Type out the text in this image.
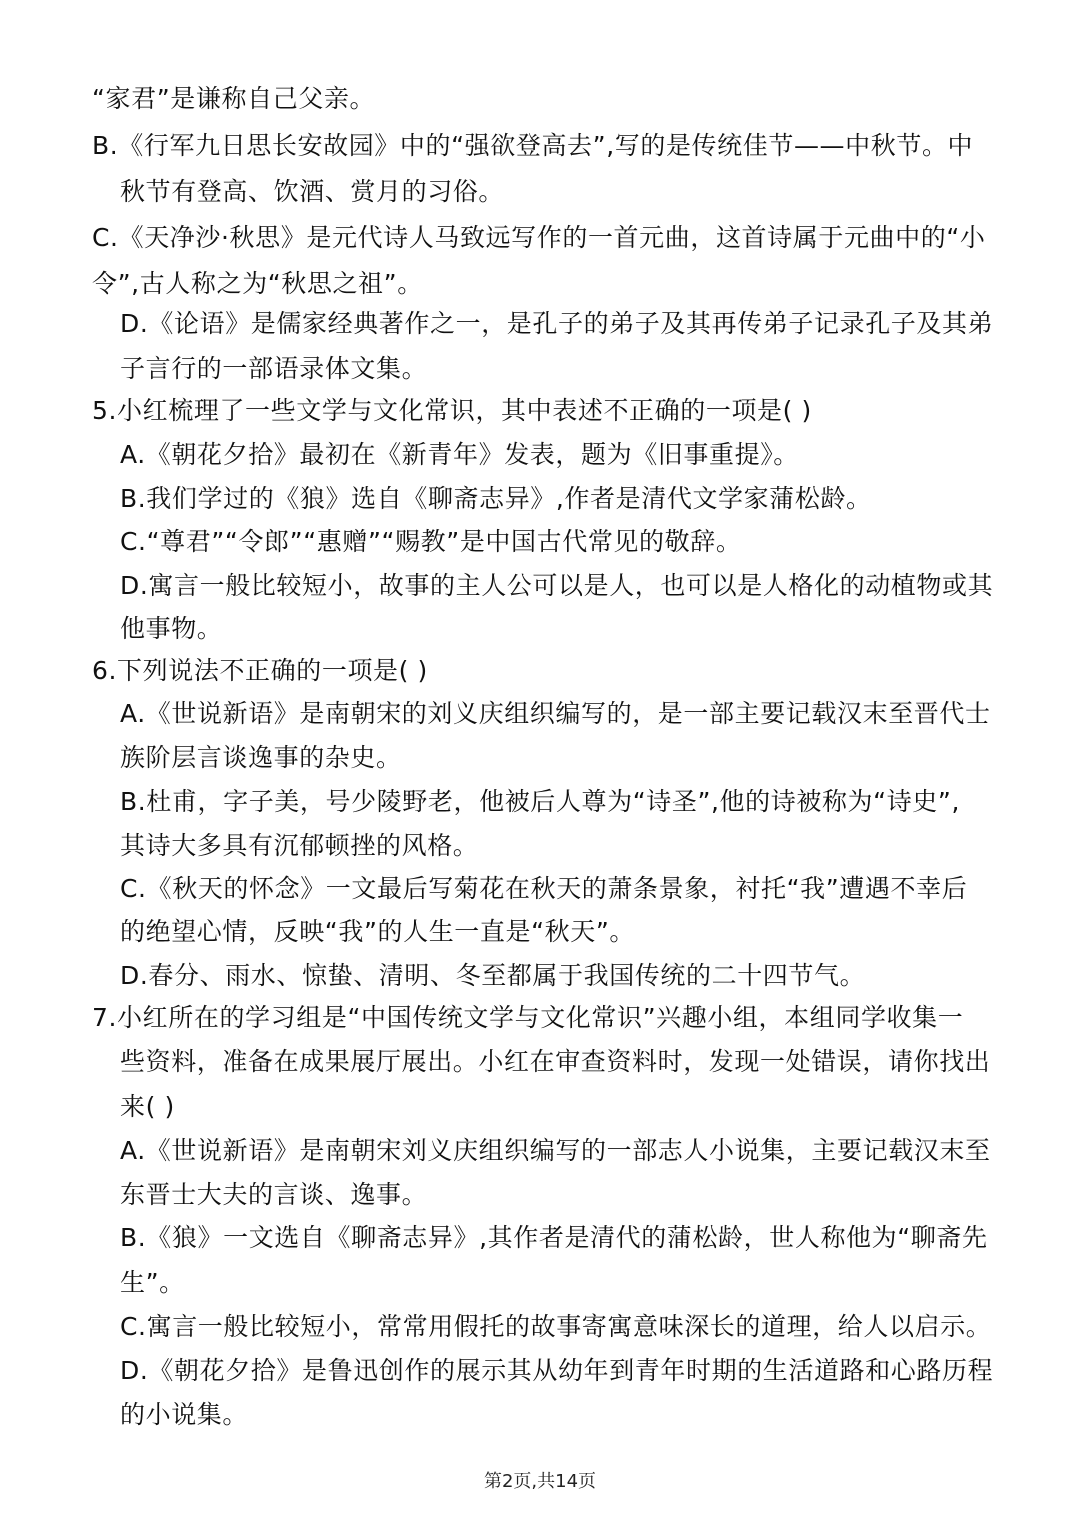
“家君”是谦称自己父亲。
B.《行军九日思长安故园》中的“强欲登高去”,写的是传统佳节——中秋节。中
秋节有登高、饮酒、赏月的习俗。
C.《天净沙·秋思》是元代诗人马致远写作的一首元曲，这首诗属于元曲中的“小
令”,古人称之为“秋思之祖”。
D.《论语》是儒家经典著作之一，是孔子的弟子及其再传弟子记录孔子及其弟
子言行的一部语录体文集。
5.小红梳理了一些文学与文化常识，其中表述不正确的一项是( )
A.《朝花夕拾》最初在《新青年》发表，题为《旧事重提》。
B.我们学过的《狼》选自《聊斋志异》,作者是清代文学家蒲松龄。
C.“尊君”“令郎”“惠赠”“赐教”是中国古代常见的敬辞。
D.寓言一般比较短小，故事的主人公可以是人，也可以是人格化的动植物或其
他事物。
6.下列说法不正确的一项是( )
A.《世说新语》是南朝宋的刘义庆组织编写的，是一部主要记载汉末至晋代士
族阶层言谈逸事的杂史。
B.杜甫，字子美，号少陵野老，他被后人尊为“诗圣”,他的诗被称为“诗史”,
其诗大多具有沉郁顿挫的风格。
C.《秋天的怀念》一文最后写菊花在秋天的萧条景象，衬托“我”遭遇不幸后
的绝望心情，反映“我”的人生一直是“秋天”。
D.春分、雨水、惊蛰、清明、冬至都属于我国传统的二十四节气。
7.小红所在的学习组是“中国传统文学与文化常识”兴趣小组，本组同学收集一
些资料，准备在成果展厅展出。小红在审查资料时，发现一处错误，请你找出
来( )
A.《世说新语》是南朝宋刘义庆组织编写的一部志人小说集，主要记载汉末至
东晋士大夫的言谈、逸事。
B.《狼》一文选自《聊斋志异》,其作者是清代的蒲松龄，世人称他为“聊斋先
生”。
C.寓言一般比较短小，常常用假托的故事寄寓意味深长的道理，给人以启示。
D.《朝花夕拾》是鲁迅创作的展示其从幼年到青年时期的生活道路和心路历程
的小说集。
第2页,共14页
